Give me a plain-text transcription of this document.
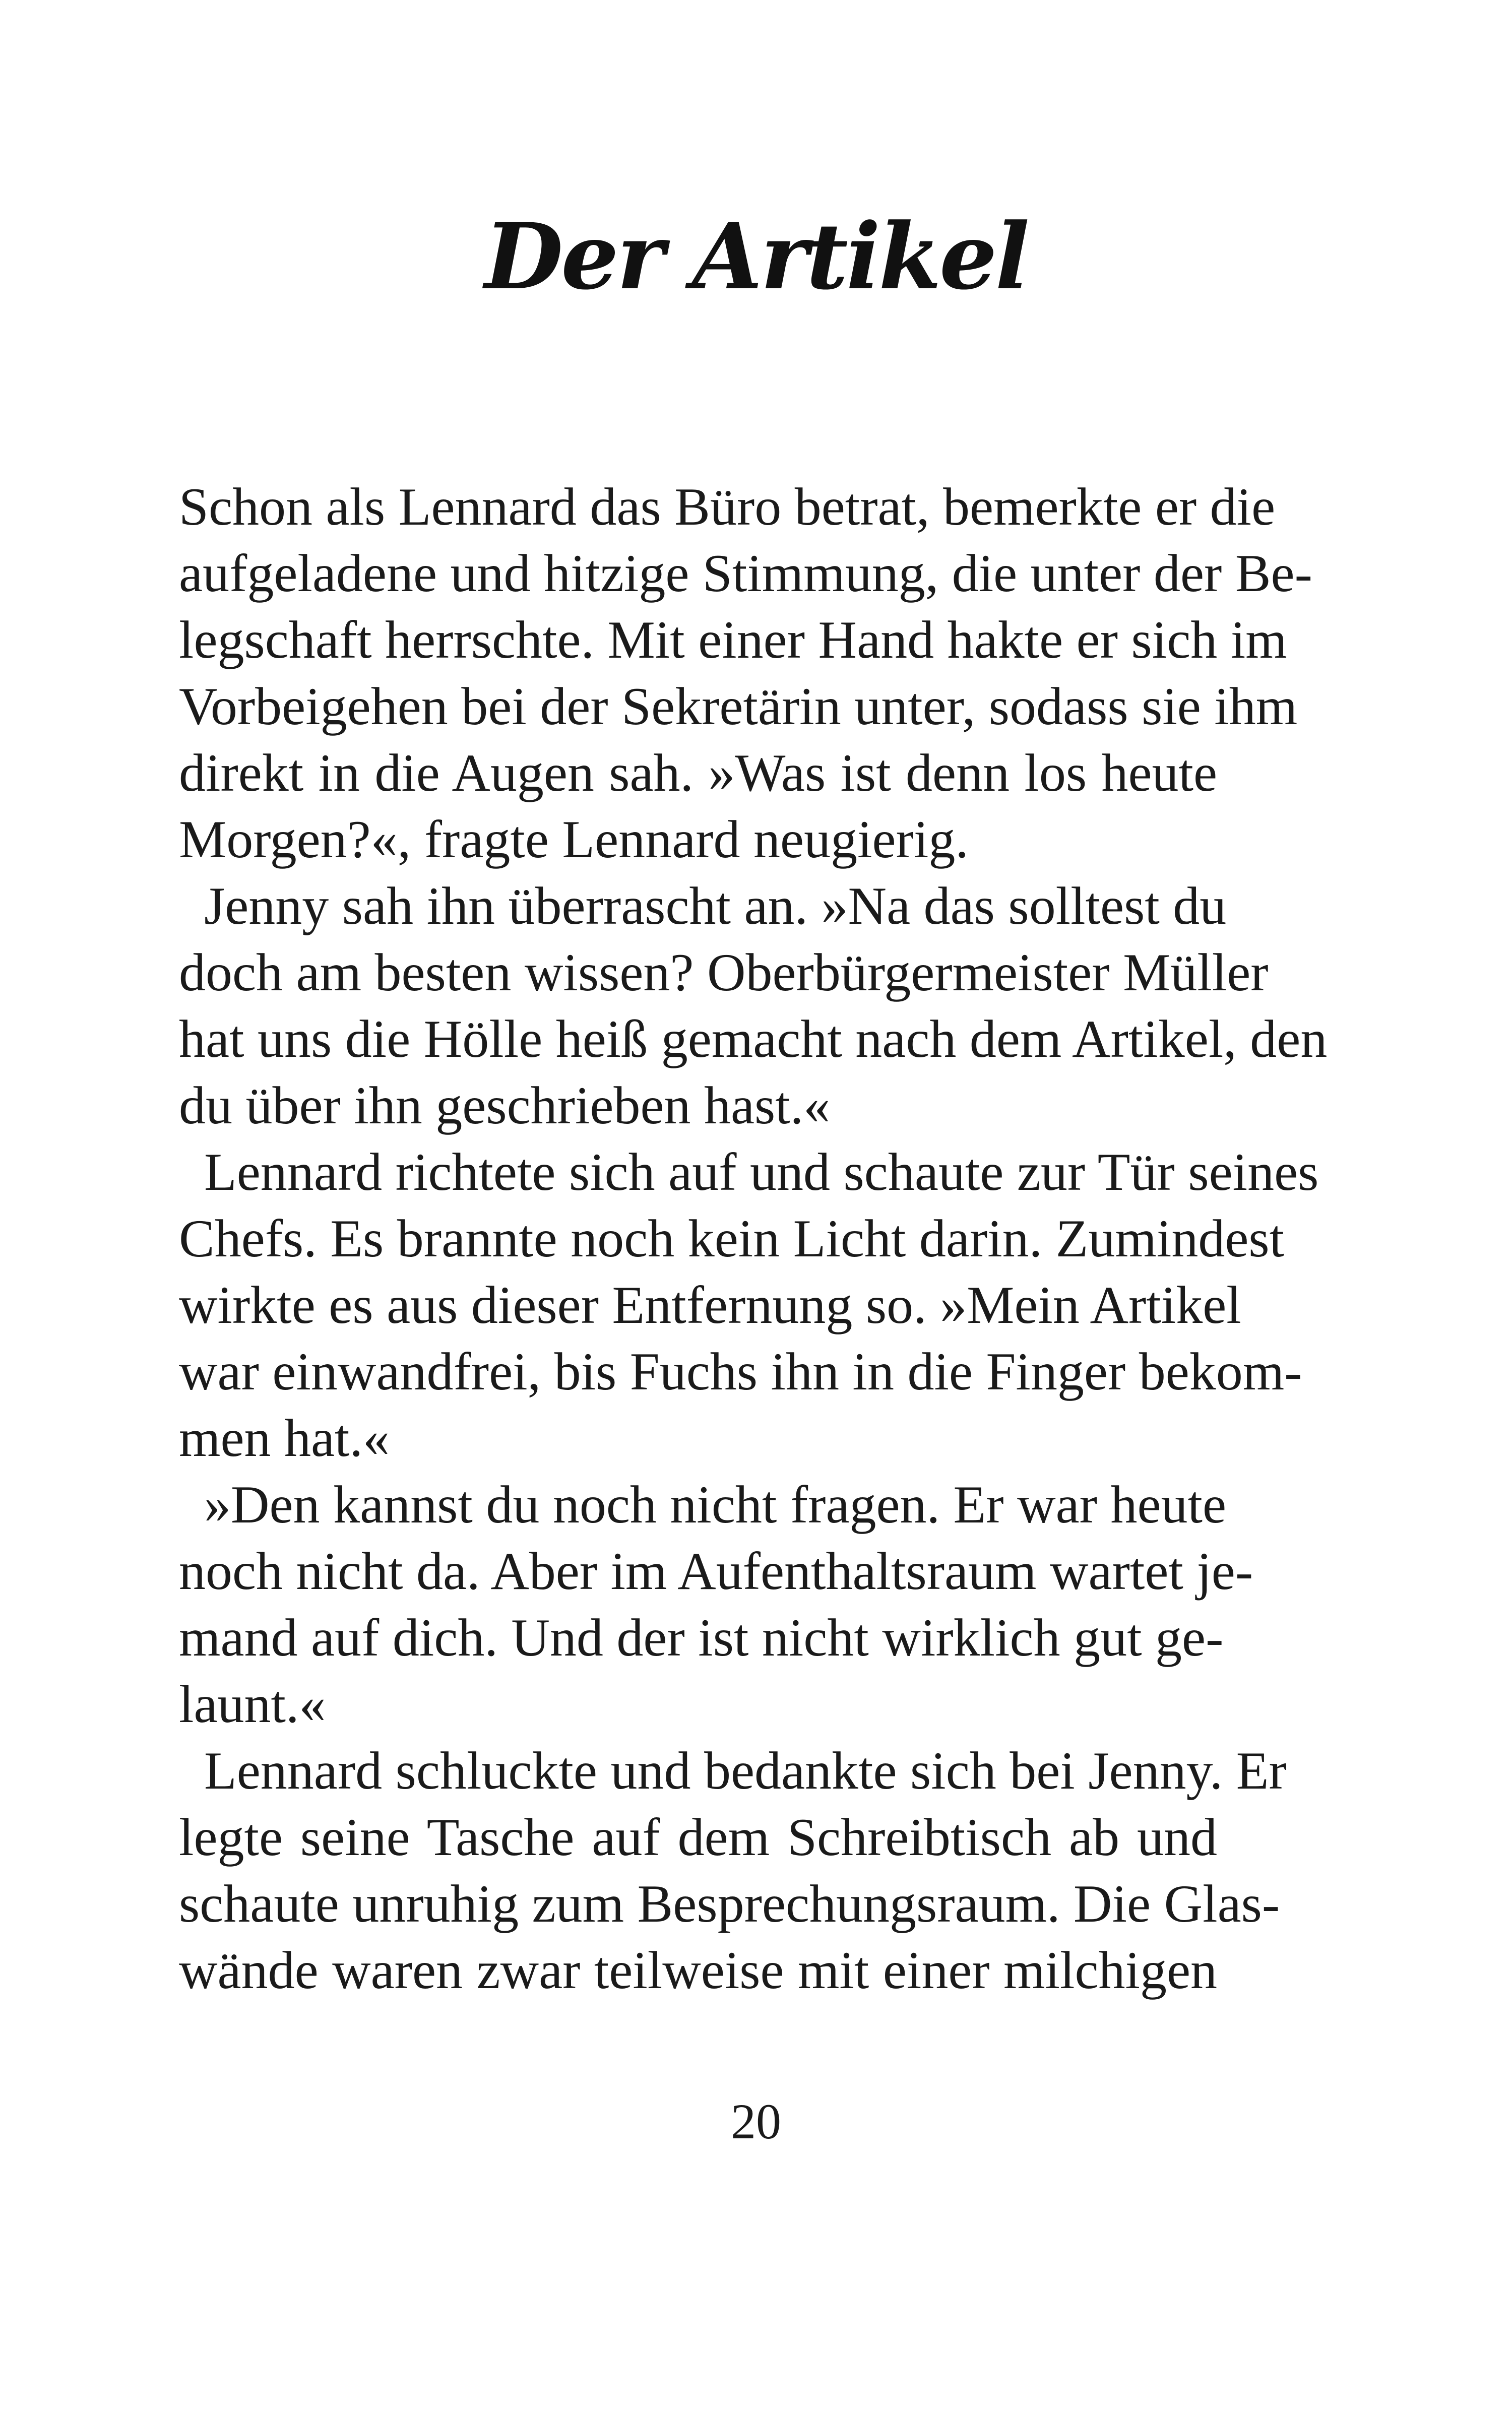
Der Artikel
Schon als Lennard das Büro betrat, bemerkte er die
aufgeladene und hitzige Stimmung, die unter der Be-
legschaft herrschte. Mit einer Hand hakte er sich im
Vorbeigehen bei der Sekretärin unter, sodass sie ihm
direkt in die Augen sah. »Was ist denn los heute
Morgen?«, fragte Lennard neugierig.
Jenny sah ihn überrascht an. »Na das solltest du
doch am besten wissen? Oberbürgermeister Müller
hat uns die Hölle heiß gemacht nach dem Artikel, den
du über ihn geschrieben hast.«
Lennard richtete sich auf und schaute zur Tür seines
Chefs. Es brannte noch kein Licht darin. Zumindest
wirkte es aus dieser Entfernung so. »Mein Artikel
war einwandfrei, bis Fuchs ihn in die Finger bekom-
men hat.«
»Den kannst du noch nicht fragen. Er war heute
noch nicht da. Aber im Aufenthaltsraum wartet je-
mand auf dich. Und der ist nicht wirklich gut ge-
launt.«
Lennard schluckte und bedankte sich bei Jenny. Er
legte seine Tasche auf dem Schreibtisch ab und
schaute unruhig zum Besprechungsraum. Die Glas-
wände waren zwar teilweise mit einer milchigen
20
